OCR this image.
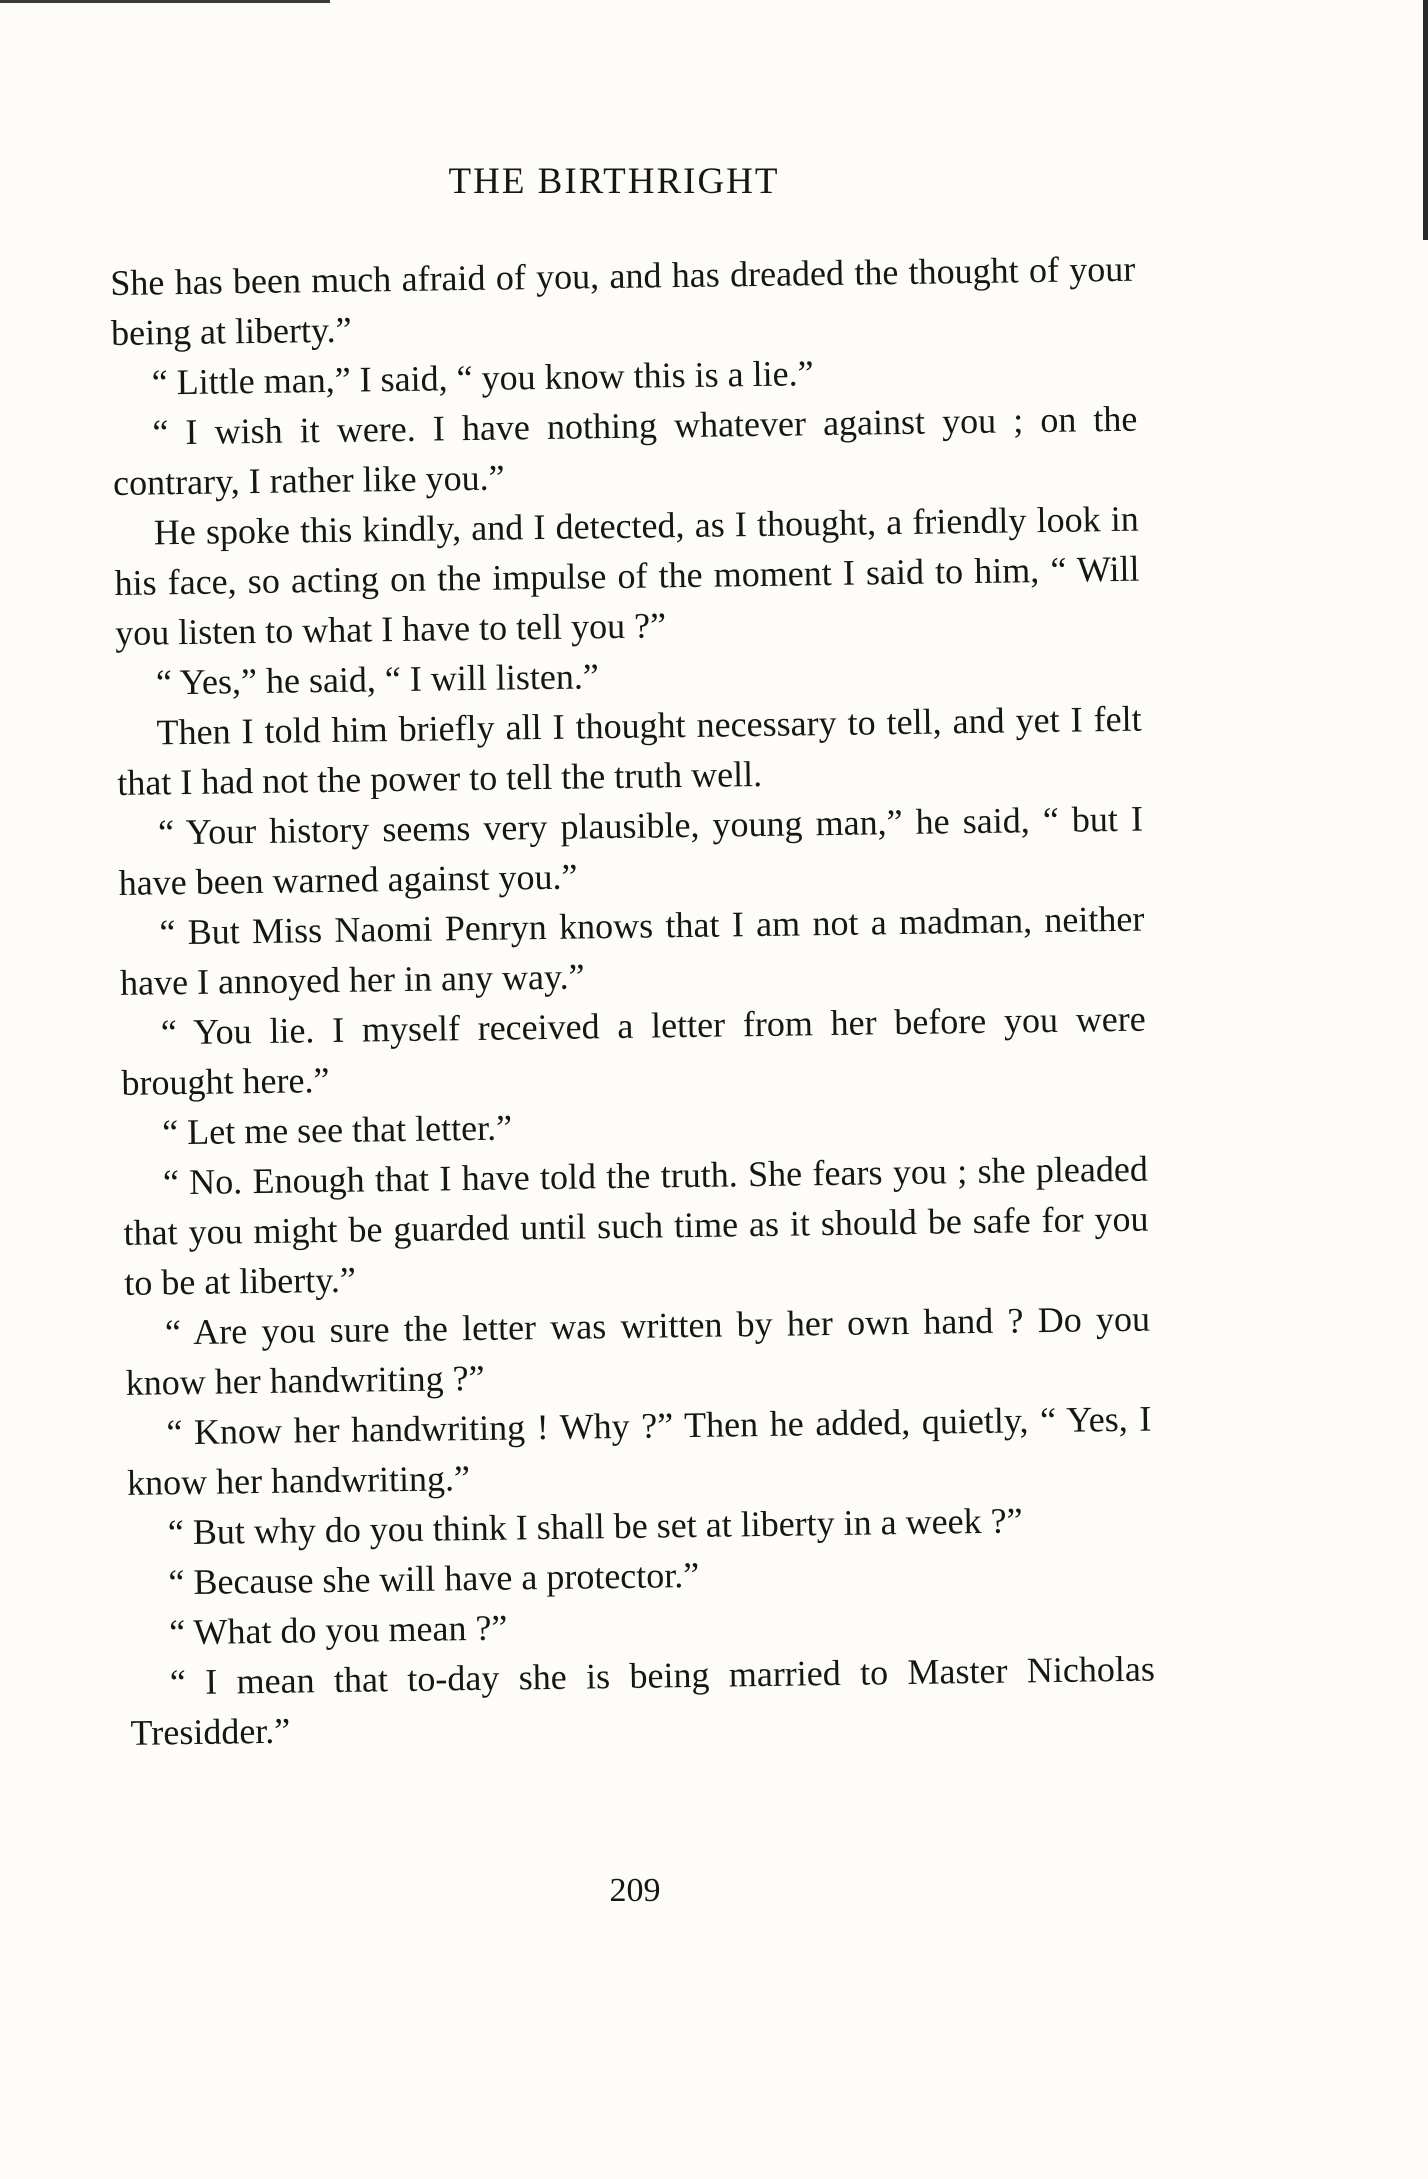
THE BIRTHRIGHT

She has been much afraid of you, and has dreaded the thought of your being at liberty.”

“ Little man,” I said, “ you know this is a lie.”

“ I wish it were. I have nothing whatever against you ; on the contrary, I rather like you.”

He spoke this kindly, and I detected, as I thought, a friendly look in his face, so acting on the impulse of the moment I said to him, “ Will you listen to what I have to tell you ?”

“ Yes,” he said, “ I will listen.”

Then I told him briefly all I thought necessary to tell, and yet I felt that I had not the power to tell the truth well.

“ Your history seems very plausible, young man,” he said, “ but I have been warned against you.”

“ But Miss Naomi Penryn knows that I am not a madman, neither have I annoyed her in any way.”

“ You lie. I myself received a letter from her before you were brought here.”

“ Let me see that letter.”

“ No. Enough that I have told the truth. She fears you ; she pleaded that you might be guarded until such time as it should be safe for you to be at liberty.”

“ Are you sure the letter was written by her own hand ? Do you know her handwriting ?”

“ Know her handwriting ! Why ?” Then he added, quietly, “ Yes, I know her handwriting.”

“ But why do you think I shall be set at liberty in a week ?”

“ Because she will have a protector.”

“ What do you mean ?”

“ I mean that to-day she is being married to Master Nicholas Tresidder.”

209
